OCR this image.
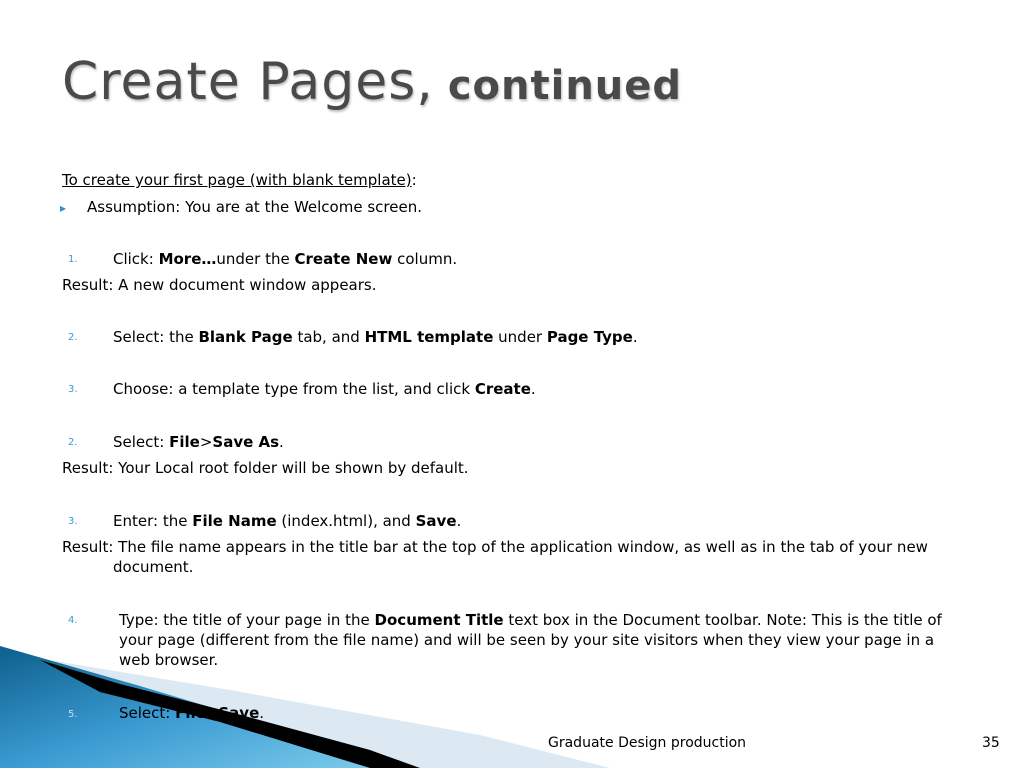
Create Pages, continued
To create your first page (with blank template):
▸ Assumption: You are at the Welcome screen.
1. Click: More…under the Create New column.
Result: A new document window appears.
2. Select: the Blank Page tab, and HTML template under Page Type.
3. Choose: a template type from the list, and click Create.
2. Select: File>Save As.
Result: Your Local root folder will be shown by default.
3. Enter: the File Name (index.html), and Save.
Result: The file name appears in the title bar at the top of the application window, as well as in the tab of your new document.
4.	Type: the title of your page in the Document Title text box in the Document toolbar. Note: This is the title of your page (different from the file name) and will be seen by your site visitors when they view your page in a web browser.
5.	Select: File>Save.
Graduate Design production	35
